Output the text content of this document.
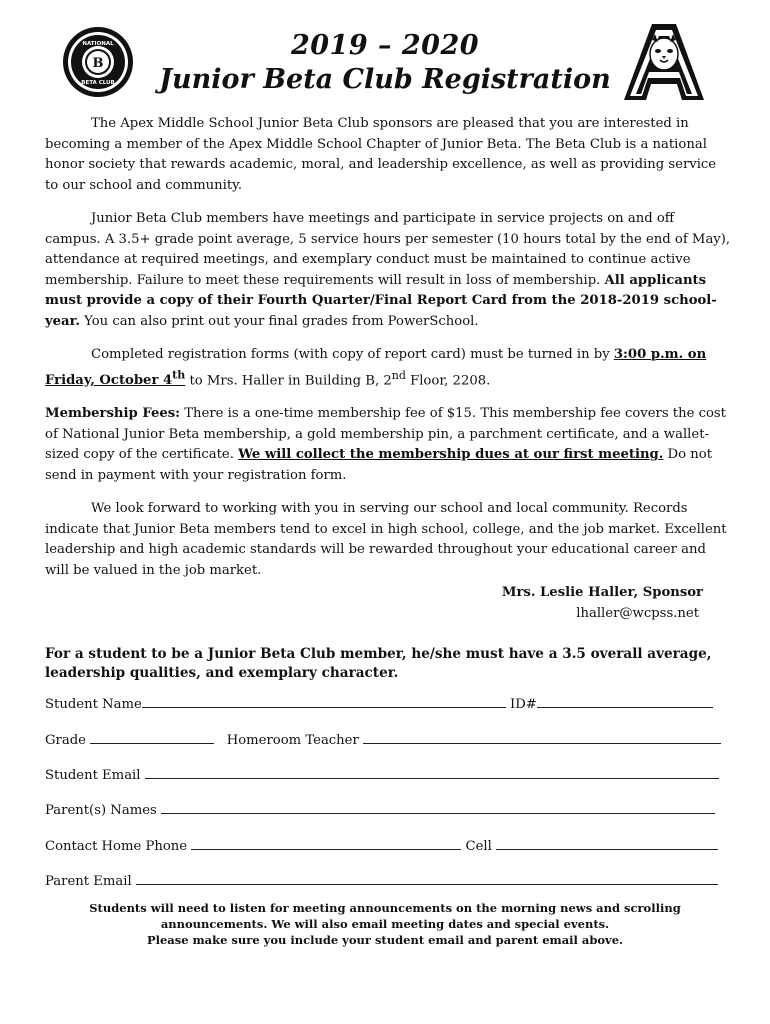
B
NATIONAL
BETA CLUB
2019 – 2020
Junior Beta Club Registration

The Apex Middle School Junior Beta Club sponsors are pleased that you are interested in becoming a member of the Apex Middle School Chapter of Junior Beta. The Beta Club is a national honor society that rewards academic, moral, and leadership excellence, as well as providing service to our school and community.

Junior Beta Club members have meetings and participate in service projects on and off campus. A 3.5+ grade point average, 5 service hours per semester (10 hours total by the end of May), attendance at required meetings, and exemplary conduct must be maintained to continue active membership. Failure to meet these requirements will result in loss of membership. All applicants must provide a copy of their Fourth Quarter/Final Report Card from the 2018-2019 school-year. You can also print out your final grades from PowerSchool.

Completed registration forms (with copy of report card) must be turned in by 3:00 p.m. on Friday, October 4th to Mrs. Haller in Building B, 2nd Floor, 2208.

Membership Fees: There is a one-time membership fee of $15. This membership fee covers the cost of National Junior Beta membership, a gold membership pin, a parchment certificate, and a wallet-sized copy of the certificate. We will collect the membership dues at our first meeting. Do not send in payment with your registration form.

We look forward to working with you in serving our school and local community. Records indicate that Junior Beta members tend to excel in high school, college, and the job market. Excellent leadership and high academic standards will be rewarded throughout your educational career and will be valued in the job market.

Mrs. Leslie Haller, Sponsor
lhaller@wcpss.net
For a student to be a Junior Beta Club member, he/she must have a 3.5 overall average, leadership qualities, and exemplary character.
Student Name	ID#
Grade	Homeroom Teacher
Student Email
Parent(s) Names
Contact Home Phone	Cell
Parent Email
Students will need to listen for meeting announcements on the morning news and scrolling
announcements. We will also email meeting dates and special events.
Please make sure you include your student email and parent email above.
